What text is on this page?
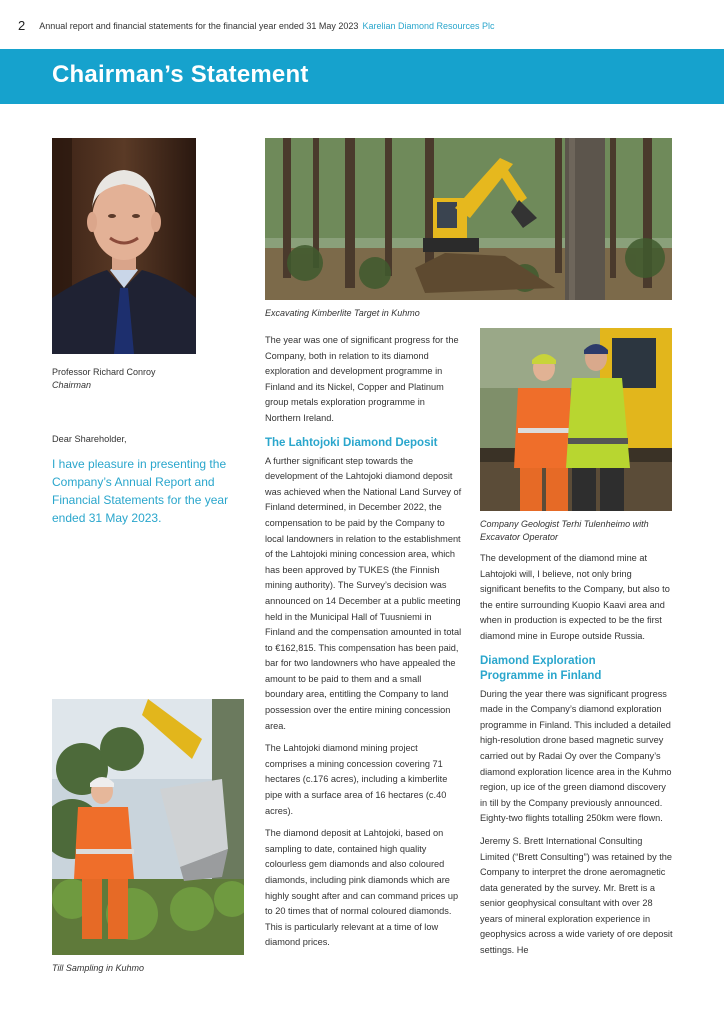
2 Annual report and financial statements for the financial year ended 31 May 2023 Karelian Diamond Resources Plc
Chairman’s Statement
Professor Richard Conroy
Chairman
Dear Shareholder,
I have pleasure in presenting the Company’s Annual Report and Financial Statements for the year ended 31 May 2023.
Excavating Kimberlite Target in Kuhmo

The year was one of significant progress for the Company, both in relation to its diamond exploration and development programme in Finland and its Nickel, Copper and Platinum group metals exploration programme in Northern Ireland.

The Lahtojoki Diamond Deposit

A further significant step towards the development of the Lahtojoki diamond deposit was achieved when the National Land Survey of Finland determined, in December 2022, the compensation to be paid by the Company to local landowners in relation to the establishment of the Lahtojoki mining concession area, which has been approved by TUKES (the Finnish mining authority). The Survey’s decision was announced on 14 December at a public meeting held in the Municipal Hall of Tuusniemi in Finland and the compensation amounted in total to €162,815. This compensation has been paid, bar for two landowners who have appealed the amount to be paid to them and a small boundary area, entitling the Company to land possession over the entire mining concession area.

The Lahtojoki diamond mining project comprises a mining concession covering 71 hectares (c.176 acres), including a kimberlite pipe with a surface area of 16 hectares (c.40 acres).

The diamond deposit at Lahtojoki, based on sampling to date, contained high quality colourless gem diamonds and also coloured diamonds, including pink diamonds which are highly sought after and can command prices up to 20 times that of normal coloured diamonds. This is particularly relevant at a time of low diamond prices.

Company Geologist Terhi Tulenheimo with Excavator Operator

The development of the diamond mine at Lahtojoki will, I believe, not only bring significant benefits to the Company, but also to the entire surrounding Kuopio Kaavi area and when in production is expected to be the first diamond mine in Europe outside Russia.

Diamond Exploration Programme in Finland

During the year there was significant progress made in the Company’s diamond exploration programme in Finland. This included a detailed high-resolution drone based magnetic survey carried out by Radai Oy over the Company’s diamond exploration licence area in the Kuhmo region, up ice of the green diamond discovery in till by the Company previously announced. Eighty-two flights totalling 250km were flown.

Jeremy S. Brett International Consulting Limited (“Brett Consulting”) was retained by the Company to interpret the drone aeromagnetic data generated by the survey. Mr. Brett is a senior geophysical consultant with over 28 years of mineral exploration experience in geophysics across a wide variety of ore deposit settings. He

Till Sampling in Kuhmo
